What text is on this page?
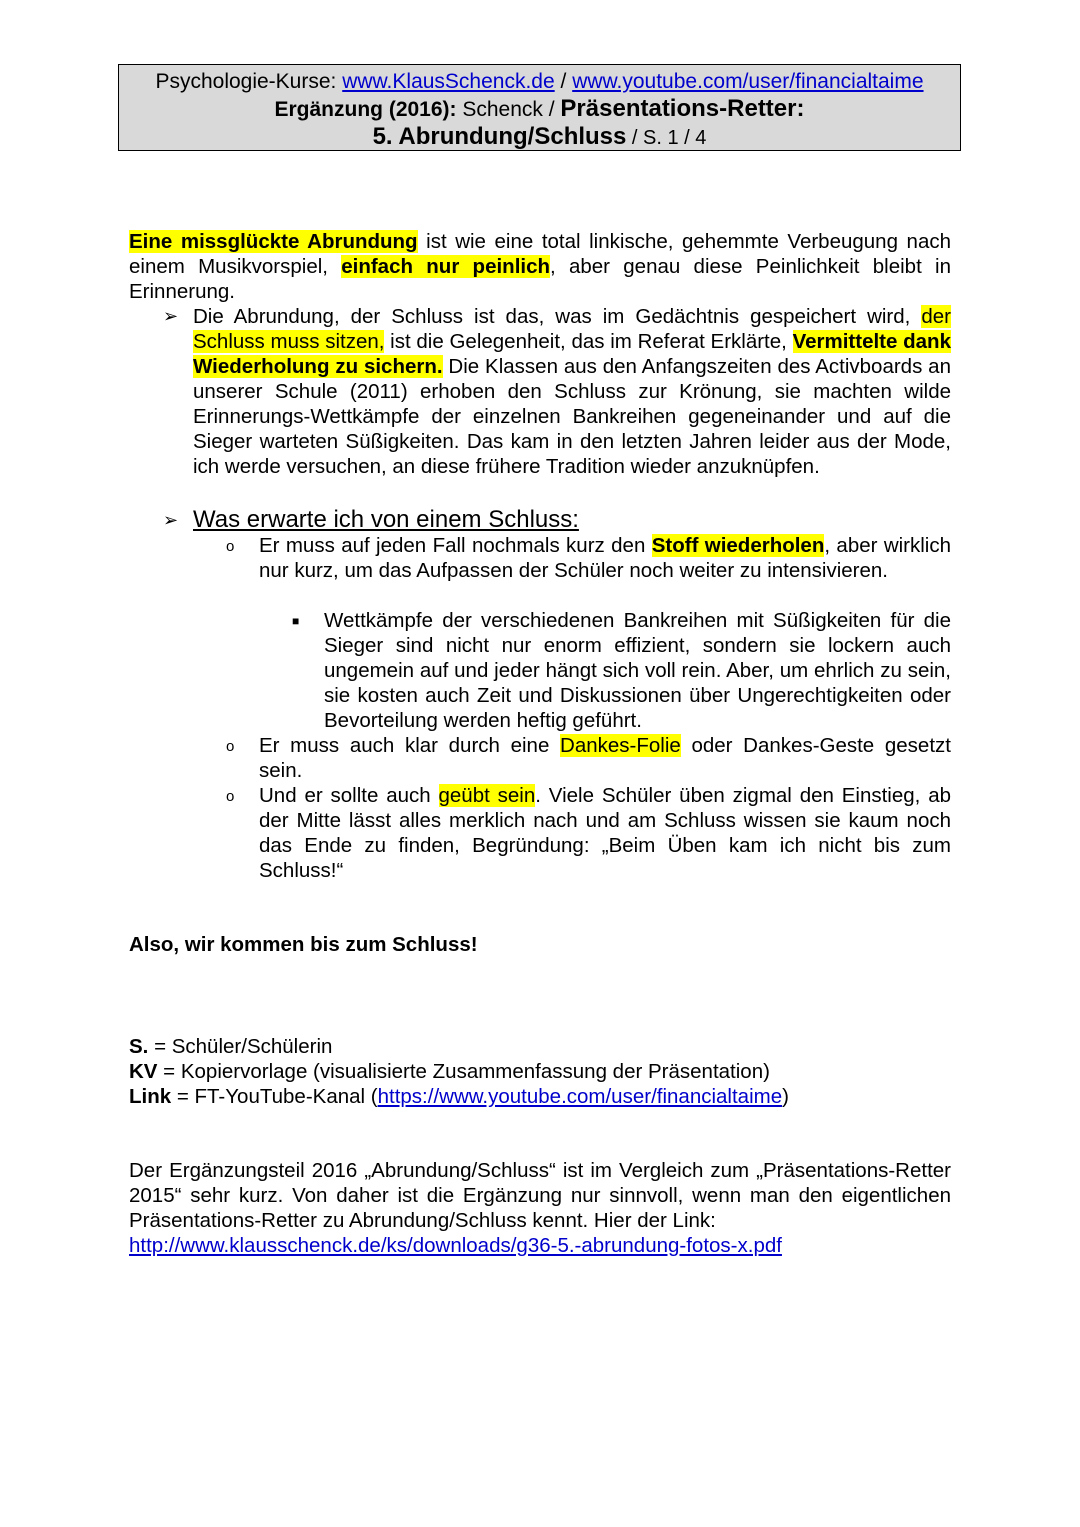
Psychologie-Kurse: www.KlausSchenck.de / www.youtube.com/user/financialtaime
Ergänzung (2016): Schenck / Präsentations-Retter:
5. Abrundung/Schluss / S. 1 / 4
Eine missglückte Abrundung ist wie eine total linkische, gehemmte Verbeugung nach einem Musikvorspiel, einfach nur peinlich, aber genau diese Peinlichkeit bleibt in Erinnerung.
➢ Die Abrundung, der Schluss ist das, was im Gedächtnis gespeichert wird, der Schluss muss sitzen, ist die Gelegenheit, das im Referat Erklärte, Vermittelte dank Wiederholung zu sichern. Die Klassen aus den Anfangszeiten des Activboards an unserer Schule (2011) erhoben den Schluss zur Krönung, sie machten wilde Erinnerungs-Wettkämpfe der einzelnen Bankreihen gegeneinander und auf die Sieger warteten Süßigkeiten. Das kam in den letzten Jahren leider aus der Mode, ich werde versuchen, an diese frühere Tradition wieder anzuknüpfen.
➢ Was erwarte ich von einem Schluss:
o Er muss auf jeden Fall nochmals kurz den Stoff wiederholen, aber wirklich nur kurz, um das Aufpassen der Schüler noch weiter zu intensivieren.
■ Wettkämpfe der verschiedenen Bankreihen mit Süßigkeiten für die Sieger sind nicht nur enorm effizient, sondern sie lockern auch ungemein auf und jeder hängt sich voll rein. Aber, um ehrlich zu sein, sie kosten auch Zeit und Diskussionen über Ungerechtigkeiten oder Bevorteilung werden heftig geführt.
o Er muss auch klar durch eine Dankes-Folie oder Dankes-Geste gesetzt sein.
o Und er sollte auch geübt sein. Viele Schüler üben zigmal den Einstieg, ab der Mitte lässt alles merklich nach und am Schluss wissen sie kaum noch das Ende zu finden, Begründung: „Beim Üben kam ich nicht bis zum Schluss!“
Also, wir kommen bis zum Schluss!
S. = Schüler/Schülerin
KV = Kopiervorlage (visualisierte Zusammenfassung der Präsentation)
Link = FT-YouTube-Kanal (https://www.youtube.com/user/financialtaime)
Der Ergänzungsteil 2016 „Abrundung/Schluss“ ist im Vergleich zum „Präsentations-Retter 2015“ sehr kurz. Von daher ist die Ergänzung nur sinnvoll, wenn man den eigentlichen Präsentations-Retter zu Abrundung/Schluss kennt. Hier der Link:
http://www.klausschenck.de/ks/downloads/g36-5.-abrundung-fotos-x.pdf
